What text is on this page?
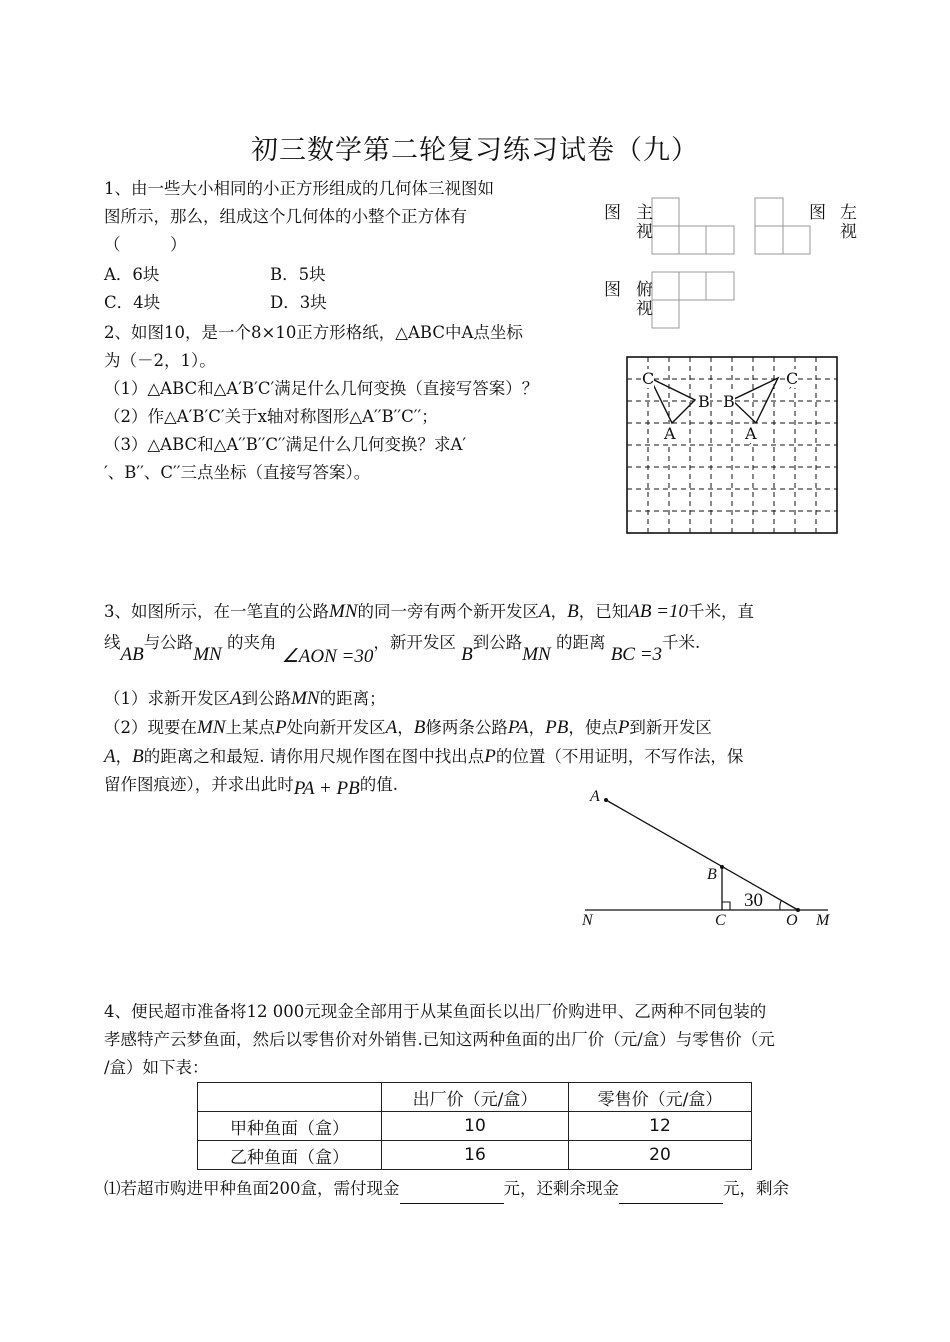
初三数学第二轮复习练习试卷（九）
1、由一些大小相同的小正方形组成的几何体三视图如
图所示，那么，组成这个几何体的小整个正方体有
（　　　）
A．6块	B．5块
C．4块	D．3块
图 主
视
图 左
视
图 俯
视
2、如图10，是一个8×10正方形格纸，△ABC中A点坐标
为（－2，1）。
（1）△ABC和△A′B′C′满足什么几何变换（直接写答案）？
（2）作△A′B′C′关于x轴对称图形△A′′B′′C′′；
（3）△ABC和△A′′B′′C′′满足什么几何变换？求A′
′、B′′、C′′三点坐标（直接写答案）。
C
B
A
B
C
′
A
′
3、如图所示，在一笔直的公路MN的同一旁有两个新开发区A，B，已知AB =10千米，直
线AB与公路MN 的夹角 ∠AON =30，新开发区 B到公路MN 的距离 BC =3千米.
（1）求新开发区A到公路MN的距离；
（2）现要在MN上某点P处向新开发区A，B修两条公路PA，PB，使点P到新开发区
A，B的距离之和最短. 请你用尺规作图在图中找出点P的位置（不用证明，不写作法，保
留作图痕迹），并求出此时PA + PB的值.
A
B
C	O
N	M
30
4、便民超市准备将12 000元现金全部用于从某鱼面长以出厂价购进甲、乙两种不同包装的
孝感特产云梦鱼面，然后以零售价对外销售.已知这两种鱼面的出厂价（元/盒）与零售价（元
/盒）如下表：
	出厂价（元/盒）	零售价（元/盒）
甲种鱼面（盒）	10	12
乙种鱼面（盒）	16	20
⑴若超市购进甲种鱼面200盒，需付现金	元，还剩余现金	元，剩余
